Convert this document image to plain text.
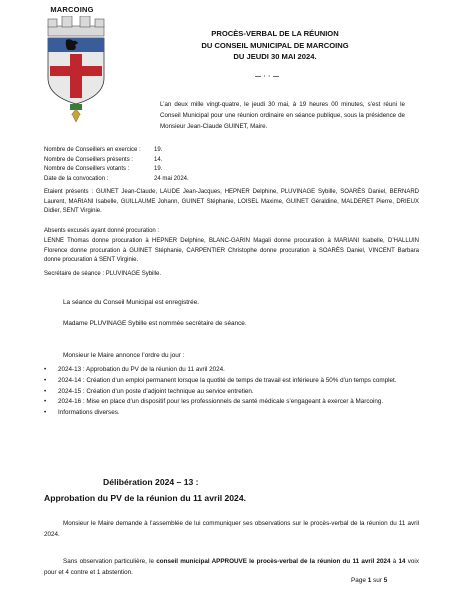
MARCOING
PROCÈS-VERBAL DE LA RÉUNION
DU CONSEIL MUNICIPAL DE MARCOING
DU JEUDI 30 MAI 2024.
— · · —
L’an deux mille vingt-quatre, le jeudi 30 mai, à 19 heures 00 minutes, s’est réuni le Conseil Municipal pour une réunion ordinaire en séance publique, sous la présidence de Monsieur Jean-Claude GUINET, Maire.
Nombre de Conseillers en exercice :	19.
Nombre de Conseillers présents :	14.
Nombre de Conseillers votants :	19.
Date de la convocation :	24 mai 2024.
Etaient présents : GUINET Jean-Claude, LAUDE Jean-Jacques, HEPNER Delphine, PLUVINAGE Sybille, SOARÈS Daniel, BERNARD Laurent, MARIANI Isabelle, GUILLAUME Johann, GUINET Stéphanie, LOISEL Maxime, GUINET Géraldine, MALDERET Pierre, DRIEUX Didier, SENT Virginie.
Absents excusés ayant donné procuration :
LENNE Thomas donne procuration à HEPNER Delphine, BLANC-GARIN Magali donne procuration à MARIANI Isabelle, D’HALLUIN Florence donne procuration à GUINET Stéphanie, CARPENTIER Christophe donne procuration à SOARÈS Daniel, VINCENT Barbara donne procuration à SENT Virginie.
Secrétaire de séance : PLUVINAGE Sybille.
La séance du Conseil Municipal est enregistrée.
Madame PLUVINAGE Sybille est nommée secrétaire de séance.
Monsieur le Maire annonce l’ordre du jour :
• 2024-13 : Approbation du PV de la réunion du 11 avril 2024.
• 2024-14 : Création d’un emploi permanent lorsque la quotité de temps de travail est inférieure à 50% d’un temps complet.
• 2024-15 : Création d’un poste d’adjoint technique au service entretien.
• 2024-16 : Mise en place d’un dispositif pour les professionnels de santé médicale s’engageant à exercer à Marcoing.
• Informations diverses.
Délibération 2024 – 13 :
Approbation du PV de la réunion du 11 avril 2024.
Monsieur le Maire demande à l’assemblée de lui communiquer ses observations sur le procès-verbal de la réunion du 11 avril 2024.
Sans observation particulière, le conseil municipal APPROUVE le procès-verbal de la réunion du 11 avril 2024 à 14 voix pour et 4 contre et 1 abstention.
Page 1 sur 5
